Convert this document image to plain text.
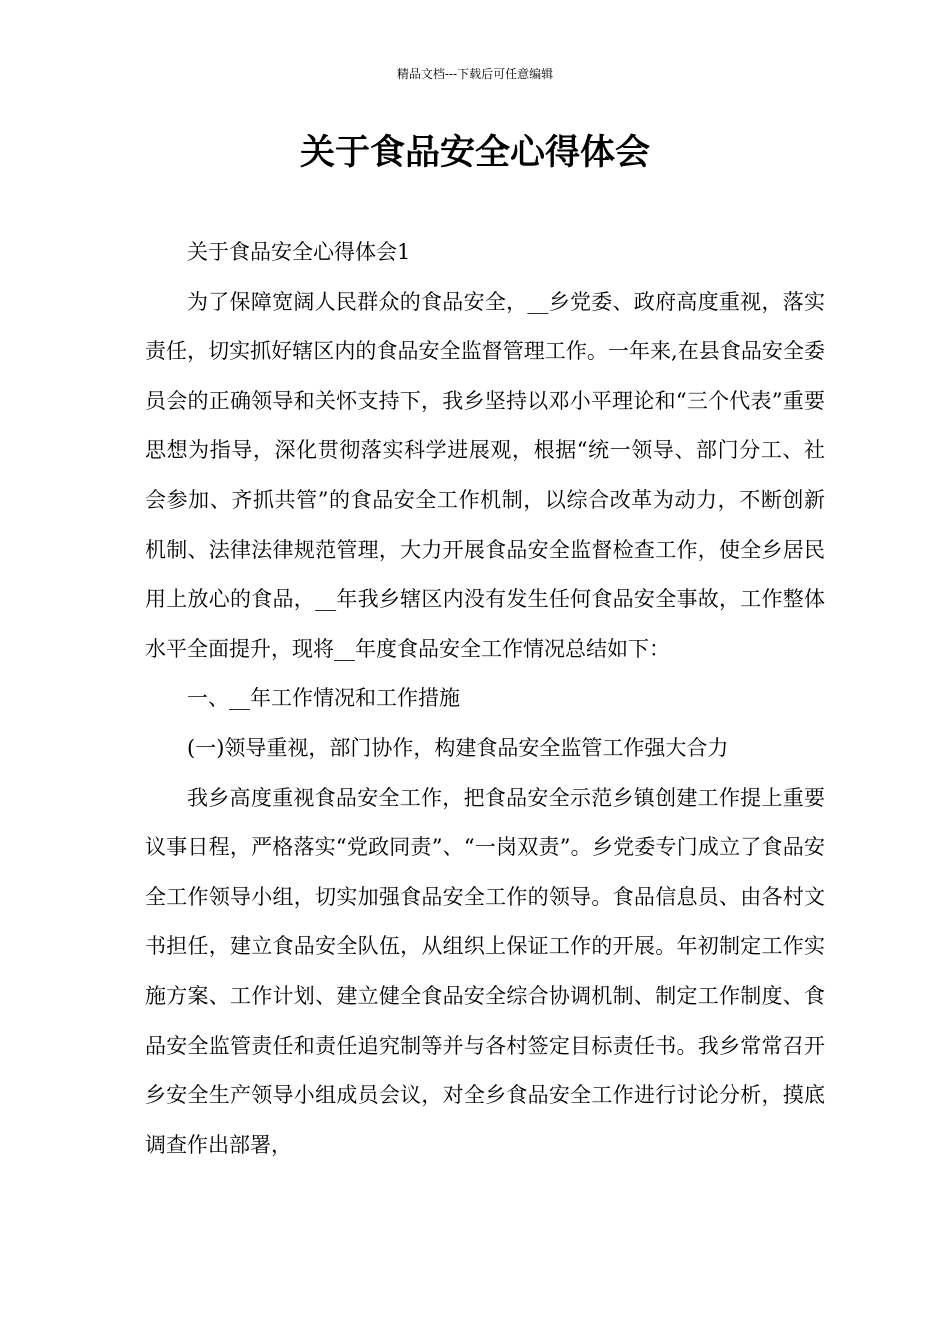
精品文档---下载后可任意编辑
关于食品安全心得体会

关于食品安全心得体会1

为了保障宽阔人民群众的食品安全，__乡党委、政府高度重视，落实责任，切实抓好辖区内的食品安全监督管理工作。一年来,在县食品安全委员会的正确领导和关怀支持下，我乡坚持以邓小平理论和“三个代表”重要思想为指导，深化贯彻落实科学进展观，根据“统一领导、部门分工、社会参加、齐抓共管”的食品安全工作机制，以综合改革为动力，不断创新机制、法律法律规范管理，大力开展食品安全监督检查工作，使全乡居民用上放心的食品，__年我乡辖区内没有发生任何食品安全事故，工作整体水平全面提升，现将__年度食品安全工作情况总结如下：

一、__年工作情况和工作措施

(一)领导重视，部门协作，构建食品安全监管工作强大合力

我乡高度重视食品安全工作，把食品安全示范乡镇创建工作提上重要议事日程，严格落实“党政同责”、“一岗双责”。乡党委专门成立了食品安全工作领导小组，切实加强食品安全工作的领导。食品信息员、由各村文书担任，建立食品安全队伍，从组织上保证工作的开展。年初制定工作实施方案、工作计划、建立健全食品安全综合协调机制、制定工作制度、食品安全监管责任和责任追究制等并与各村签定目标责任书。我乡常常召开乡安全生产领导小组成员会议，对全乡食品安全工作进行讨论分析，摸底调查作出部署，
